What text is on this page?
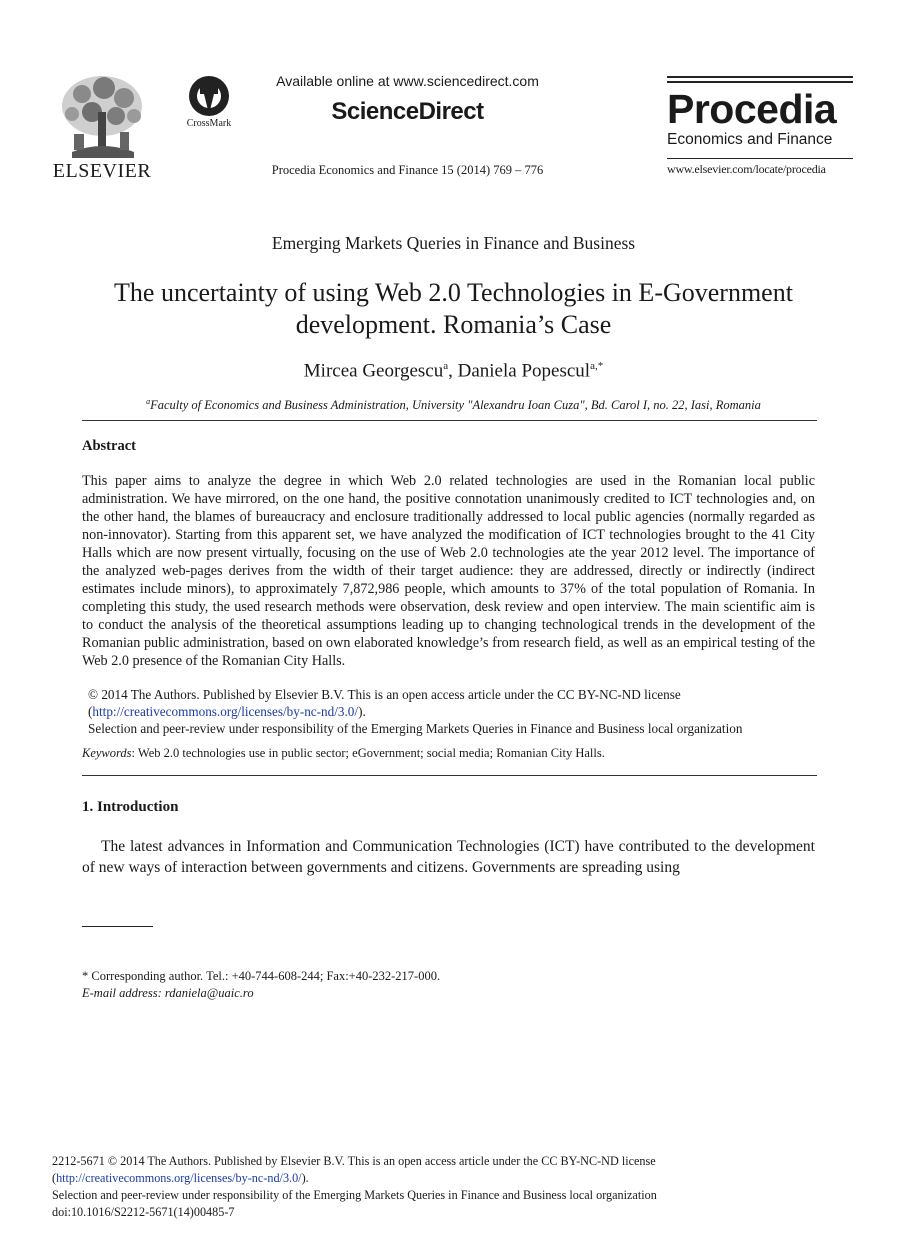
ELSEVIER
CrossMark
Available online at www.sciencedirect.com
ScienceDirect
Procedia Economics and Finance 15 (2014) 769 – 776
Procedia
Economics and Finance
www.elsevier.com/locate/procedia
Emerging Markets Queries in Finance and Business
The uncertainty of using Web 2.0 Technologies in E-Government
development. Romania’s Case
Mircea Georgescu$^a$, Daniela Popescul$^{a,*}$
$^a$Faculty of Economics and Business Administration, University "Alexandru Ioan Cuza", Bd. Carol I, no. 22, Iasi, Romania
Abstract
This paper aims to analyze the degree in which Web 2.0 related technologies are used in the Romanian local public administration. We have mirrored, on the one hand, the positive connotation unanimously credited to ICT technologies and, on the other hand, the blames of bureaucracy and enclosure traditionally addressed to local public agencies (normally regarded as non-innovator). Starting from this apparent set, we have analyzed the modification of ICT technologies brought to the 41 City Halls which are now present virtually, focusing on the use of Web 2.0 technologies ate the year 2012 level. The importance of the analyzed web-pages derives from the width of their target audience: they are addressed, directly or indirectly (indirect estimates include minors), to approximately 7,872,986 people, which amounts to 37% of the total population of Romania. In completing this study, the used research methods were observation, desk review and open interview. The main scientific aim is to conduct the analysis of the theoretical assumptions leading up to changing technological trends in the development of the Romanian public administration, based on own elaborated knowledge’s from research field, as well as an empirical testing of the Web 2.0 presence of the Romanian City Halls.
© 2014 The Authors. Published by Elsevier B.V. This is an open access article under the CC BY-NC-ND license
(http://creativecommons.org/licenses/by-nc-nd/3.0/).
Selection and peer-review under responsibility of the Emerging Markets Queries in Finance and Business local organization
Keywords: Web 2.0 technologies use in public sector; eGovernment; social media; Romanian City Halls.
1. Introduction
The latest advances in Information and Communication Technologies (ICT) have contributed to the development of new ways of interaction between governments and citizens. Governments are spreading using
* Corresponding author. Tel.: +40-744-608-244; Fax:+40-232-217-000.
E-mail address: rdaniela@uaic.ro
2212-5671 © 2014 The Authors. Published by Elsevier B.V. This is an open access article under the CC BY-NC-ND license
(http://creativecommons.org/licenses/by-nc-nd/3.0/).
Selection and peer-review under responsibility of the Emerging Markets Queries in Finance and Business local organization
doi:10.1016/S2212-5671(14)00485-7
